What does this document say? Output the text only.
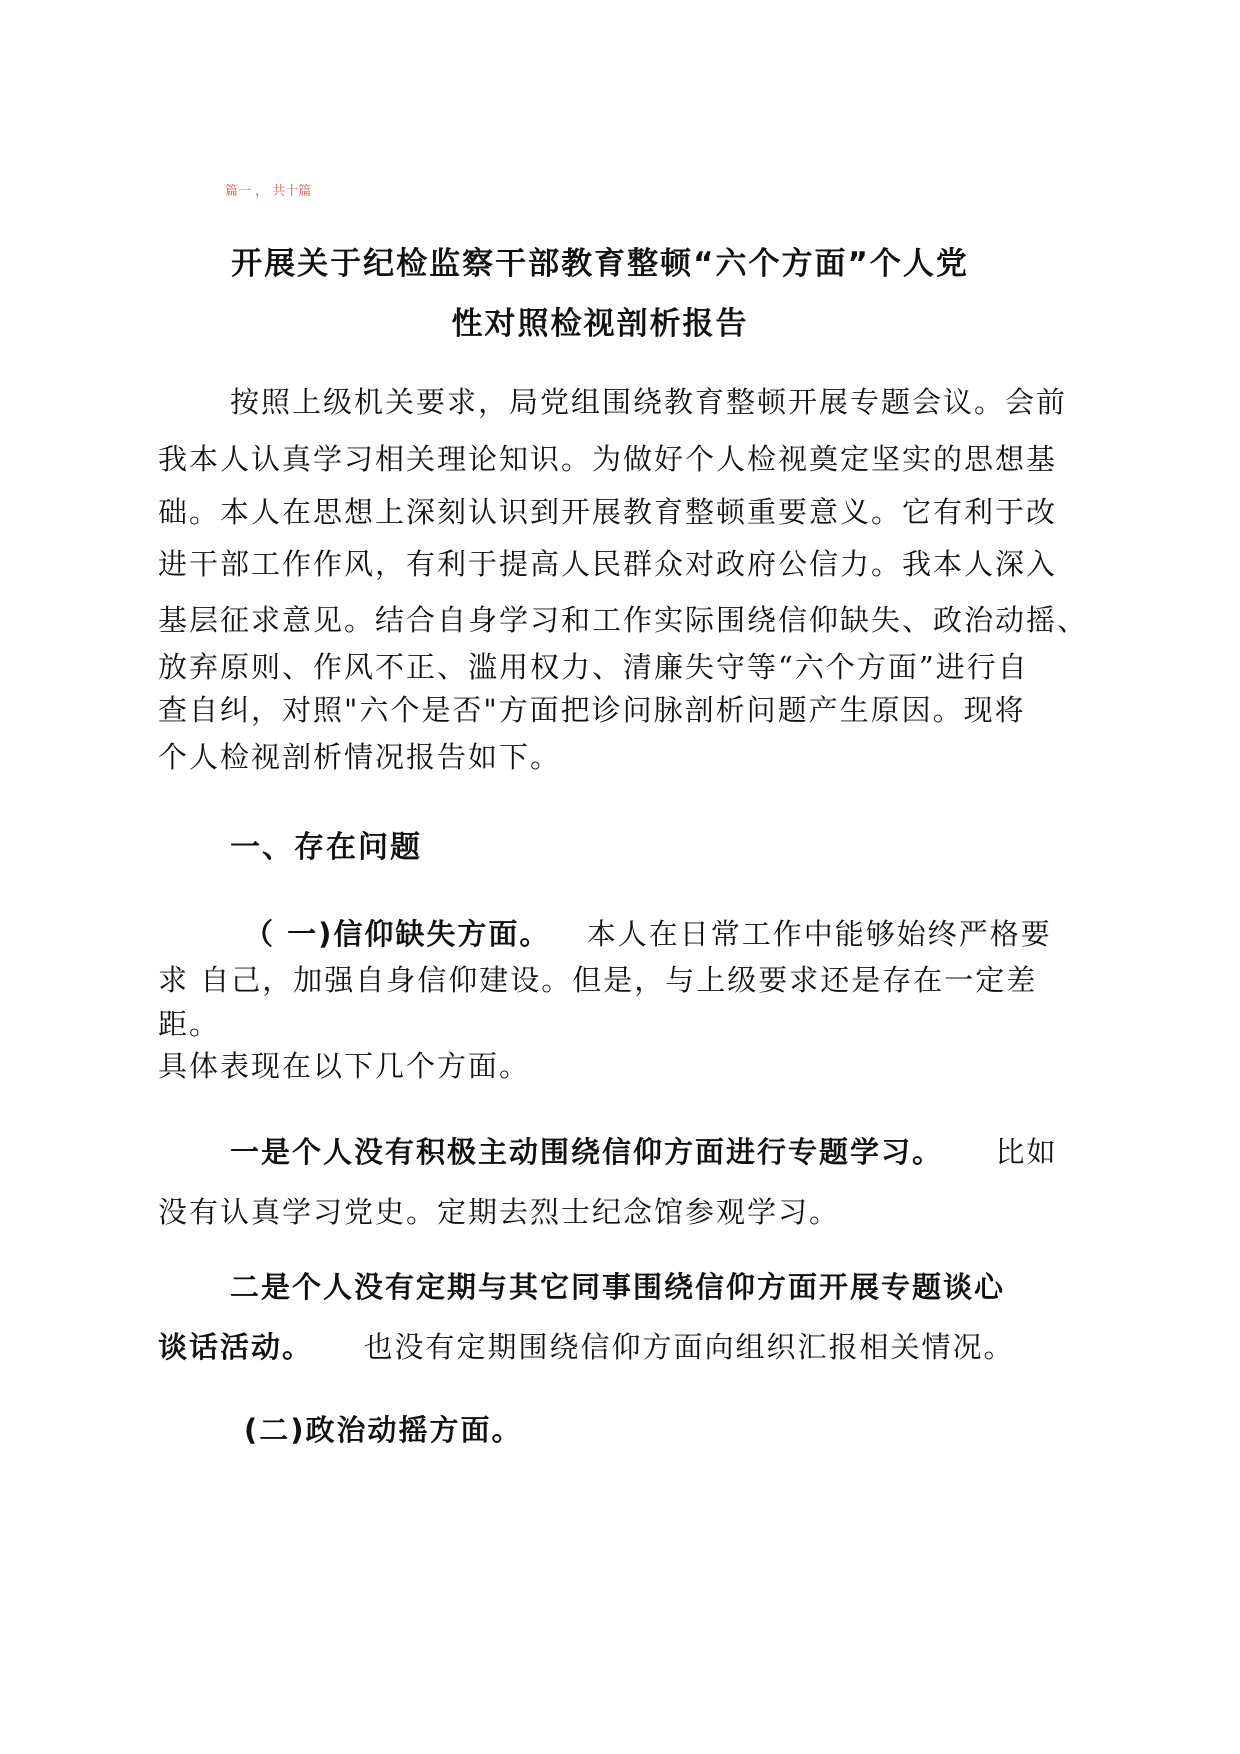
篇一 ， 共十篇
开展关于纪检监察干部教育整顿“六个方面”个人党
性对照检视剖析报告
按照上级机关要求，局党组围绕教育整顿开展专题会议。会前
我本人认真学习相关理论知识。为做好个人检视奠定坚实的思想基
础。本人在思想上深刻认识到开展教育整顿重要意义。它有利于改
进干部工作作风，有利于提高人民群众对政府公信力。我本人深入
基层征求意见。结合自身学习和工作实际围绕信仰缺失、政治动摇、
放弃原则、作风不正、滥用权力、清廉失守等“六个方面”进行自
查自纠，对照"六个是否"方面把诊问脉剖析问题产生原因。现将
个人检视剖析情况报告如下。
一、存在问题
（ 一)信仰缺失方面。 本人在日常工作中能够始终严格要
求 自己，加强自身信仰建设。但是，与上级要求还是存在一定差
距。
具体表现在以下几个方面。
一是个人没有积极主动围绕信仰方面进行专题学习。 比如
没有认真学习党史。定期去烈士纪念馆参观学习。
二是个人没有定期与其它同事围绕信仰方面开展专题谈心
谈话活动。 也没有定期围绕信仰方面向组织汇报相关情况。
(二)政治动摇方面。
